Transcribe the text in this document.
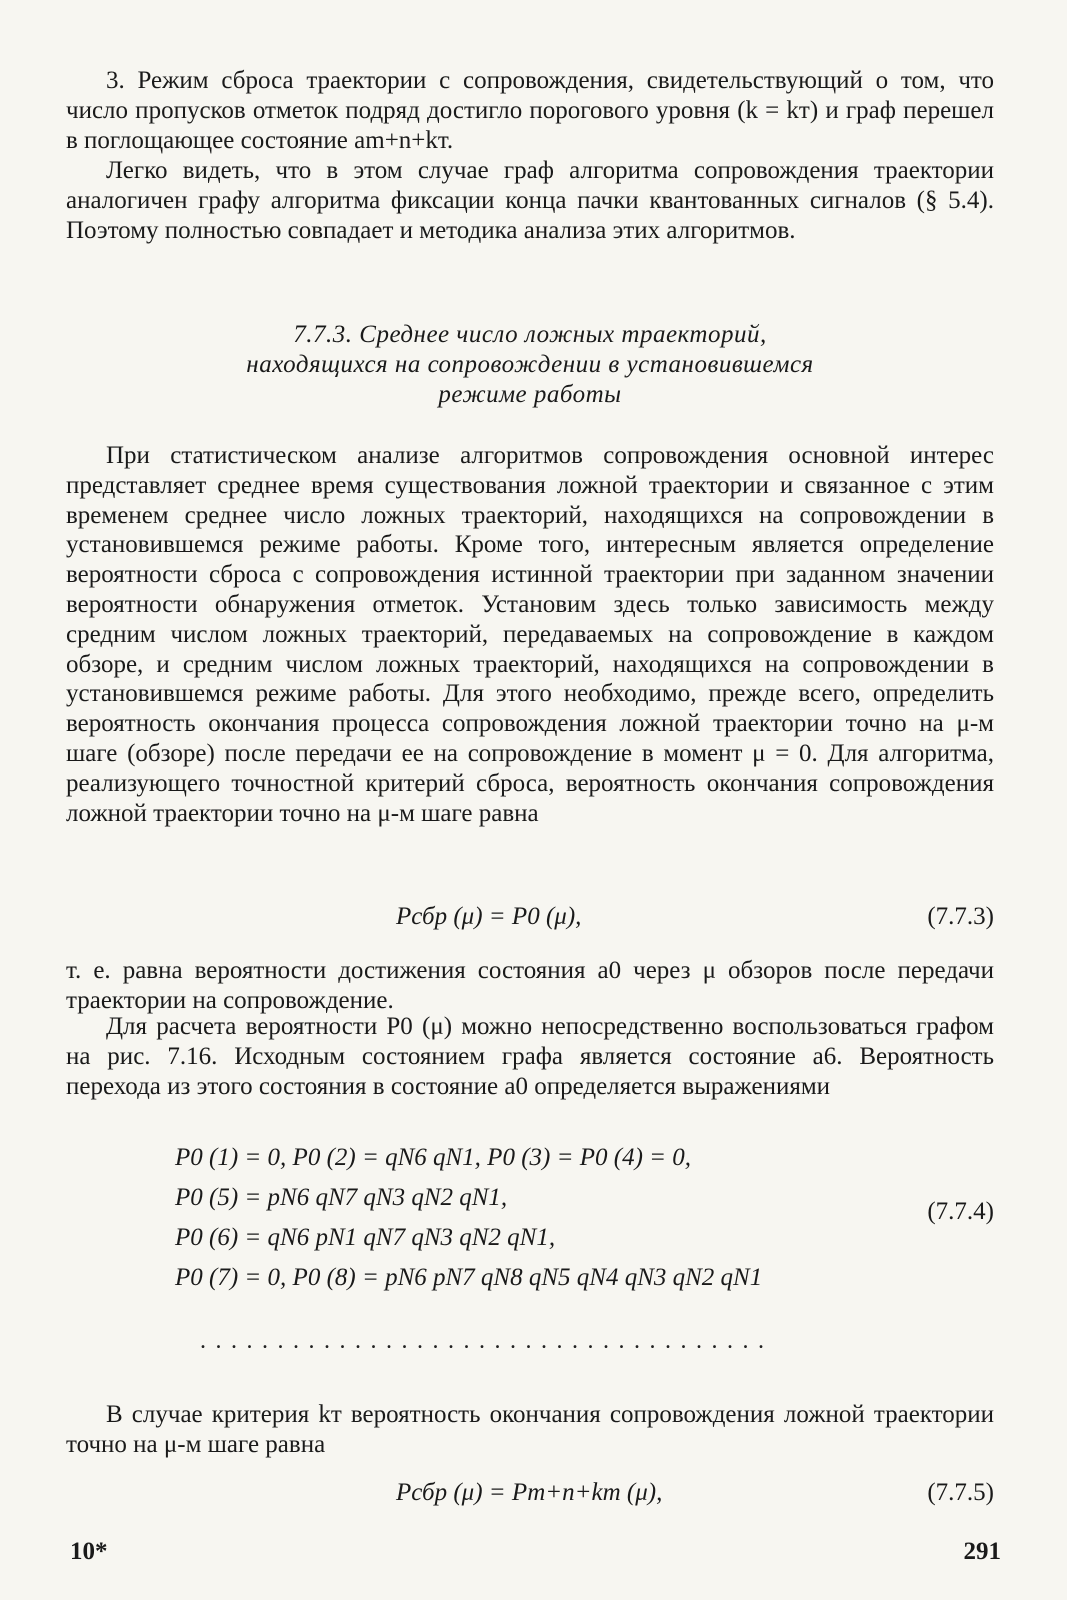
3. Режим сброса траектории с сопровождения, свидетельствующий о том, что число пропусков отметок подряд достигло порогового уровня (k = kт) и граф перешел в поглощающее состояние am+n+kт.

Легко видеть, что в этом случае граф алгоритма сопровождения траектории аналогичен графу алгоритма фиксации конца пачки квантованных сигналов (§ 5.4). Поэтому полностью совпадает и методика анализа этих алгоритмов.

7.7.3. Среднее число ложных траекторий,
находящихся на сопровождении в установившемся
режиме работы

При статистическом анализе алгоритмов сопровождения основной интерес представляет среднее время существования ложной траектории и связанное с этим временем среднее число ложных траекторий, находящихся на сопровождении в установившемся режиме работы. Кроме того, интересным является определение вероятности сброса с сопровождения истинной траектории при заданном значении вероятности обнаружения отметок. Установим здесь только зависимость между средним числом ложных траекторий, передаваемых на сопровождение в каждом обзоре, и средним числом ложных траекторий, находящихся на сопровождении в установившемся режиме работы. Для этого необходимо, прежде всего, определить вероятность окончания процесса сопровождения ложной траектории точно на μ-м шаге (обзоре) после передачи ее на сопровождение в момент μ = 0. Для алгоритма, реализующего точностной критерий сброса, вероятность окончания сопровождения ложной траектории точно на μ-м шаге равна

Pсбр (μ) = P0 (μ),	(7.7.3)

т. е. равна вероятности достижения состояния a0 через μ обзоров после передачи траектории на сопровождение.

Для расчета вероятности P0 (μ) можно непосредственно воспользоваться графом на рис. 7.16. Исходным состоянием графа является состояние a6. Вероятность перехода из этого состояния в состояние a0 определяется выражениями

P0 (1) = 0, P0 (2) = qN6 qN1, P0 (3) = P0 (4) = 0,
P0 (5) = pN6 qN7 qN3 qN2 qN1,
P0 (6) = qN6 pN1 qN7 qN3 qN2 qN1,
P0 (7) = 0, P0 (8) = pN6 pN7 qN8 qN5 qN4 qN3 qN2 qN1
(7.7.4)
.....................................

В случае критерия kт вероятность окончания сопровождения ложной траектории точно на μ-м шаге равна

Pсбр (μ) = Pm+n+kт (μ),	(7.7.5)
10*	291
